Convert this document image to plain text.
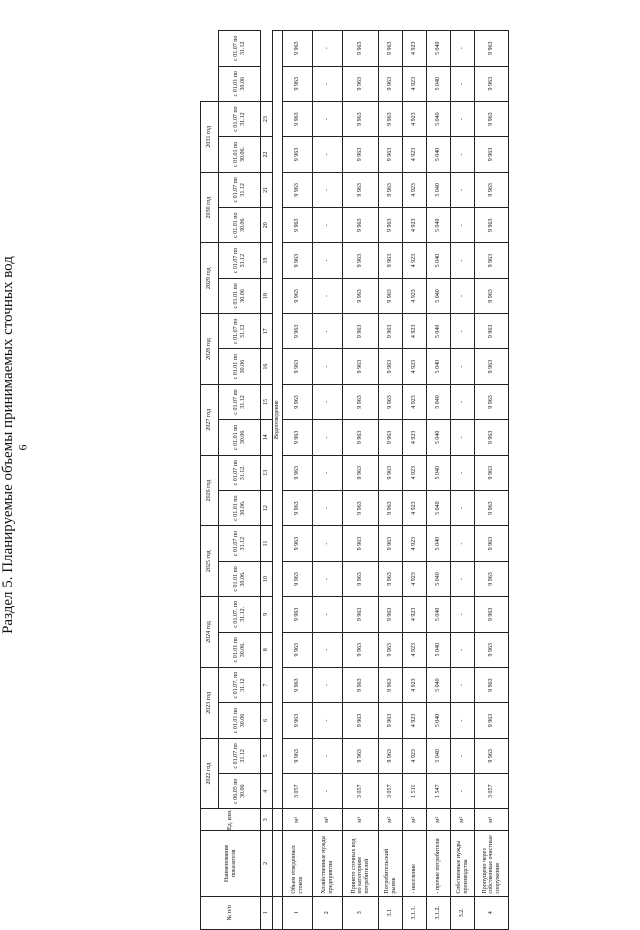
6
Раздел 5. Планируемые объемы принимаемых сточных вод
№ п/п	Наименование показателя	Ед. изм.	2022 год		2023 год		2024 год		2025 год		2026 год		2027 год		2028 год		2029 год		2030 год		2031 год			
			с 06.05 по 30.06	с 01.07 по 31.12	с 01.01 по 30.06	с 01.07. по 31.12	с 01.01 по 30.06.	с 01.07. по 31.12.	с 01.01 по 30.06.	с 01.07 по 31.12	с 01.01 по 30.06.	с 01.07 по 31.12.	с 01.01 по 30.06	с 01.07 по 31.12	с 01.01 по 30.06	с 01.07 по 31.12	с 01.01 по 30.06	с 01.07 по 31.12	с 01.01 по 30.06	с 01.07 по 31.12	с 01.01 по 30.06.	с 01.07 по 31.12	с 01.01 по 30.06	с 01.07 по 31.12
1	2	3	4	5	6	7	8	9	10	11	12	13	14	15	16	17	18	19	20	21	22	23		
			Водоотведение																					
1	Объем отведенных стоков	$м^3$	3 057	9 963	9 963	9 963	9 963	9 963	9 963	9 963	9 963	9 963	9 963	9 963	9 963	9 963	9 963	9 963	9 963	9 963	9 963	9 963	9 963	9 963
2	Хозяйственные нужды предприятия	$м^3$	-	-	-	-	-	-	-	-	-	-	-	-	-	-	-	-	-	-	-	-	-	-
3	Принято сточных вод по категориям потребителей	$м^3$	3 057	9 963	9 963	9 963	9 963	9 963	9 963	9 963	9 963	9 963	9 963	9 963	9 963	9 963	9 963	9 963	9 963	9 963	9 963	9 963	9 963	9 963
3.1	Потребительский рынок	$м^3$	3 057	9 963	9 963	9 963	9 963	9 963	9 963	9 963	9 963	9 963	9 963	9 963	9 963	9 963	9 963	9 963	9 963	9 963	9 963	9 963	9 963	9 963
3.1.1.	- население	$м^3$	1 511	4 923	4 923	4 923	4 923	4 923	4 923	4 923	4 923	4 923	4 923	4 923	4 923	4 923	4 923	4 923	4 923	4 923	4 923	4 923	4 923	4 923
3.1.2.	- прочие потребители	$м^3$	1 547	5 040	5 040	5 040	5 040	5 040	5 040	5 040	5 040	5 040	5 040	5 040	5 040	5 040	5 040	5 040	5 040	5 040	5 040	5 040	5 040	5 040
3.2.	Собственные нужды производства	$м^3$	-	-	-	-	-	-	-	-	-	-	-	-	-	-	-	-	-	-	-	-	-	-
4	Пропущено через собственные очистные сооружения	$м^3$	3 057	9 963	9 963	9 963	9 963	9 963	9 963	9 963	9 963	9 963	9 963	9 963	9 963	9 963	9 963	9 963	9 963	9 963	9 963	9 963	9 963	9 963
